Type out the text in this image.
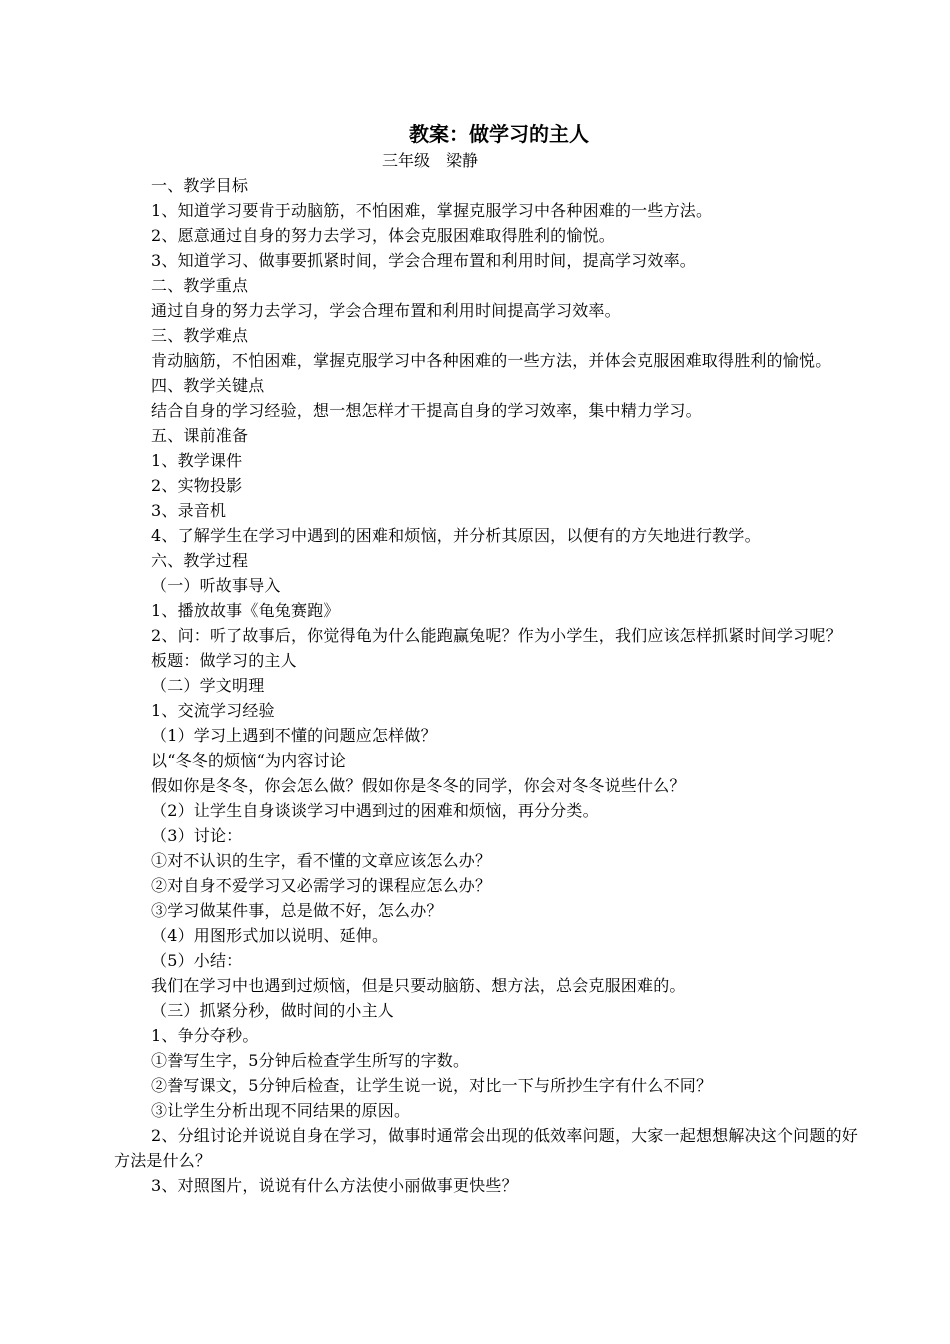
教案：做学习的主人

三年级　梁静

一、教学目标

1、知道学习要肯于动脑筋，不怕困难，掌握克服学习中各种困难的一些方法。

2、愿意通过自身的努力去学习，体会克服困难取得胜利的愉悦。

3、知道学习、做事要抓紧时间，学会合理布置和利用时间，提高学习效率。

二、教学重点

通过自身的努力去学习，学会合理布置和利用时间提高学习效率。

三、教学难点

肯动脑筋，不怕困难，掌握克服学习中各种困难的一些方法，并体会克服困难取得胜利的愉悦。

四、教学关键点

结合自身的学习经验，想一想怎样才干提高自身的学习效率，集中精力学习。

五、课前准备

1、教学课件

2、实物投影

3、录音机

4、了解学生在学习中遇到的困难和烦恼，并分析其原因，以便有的方矢地进行教学。

六、教学过程

（一）听故事导入

1、播放故事《龟兔赛跑》

2、问：听了故事后，你觉得龟为什么能跑赢兔呢？作为小学生，我们应该怎样抓紧时间学习呢？

板题：做学习的主人

（二）学文明理

1、交流学习经验

（1）学习上遇到不懂的问题应怎样做？

以“冬冬的烦恼“为内容讨论

假如你是冬冬，你会怎么做？假如你是冬冬的同学，你会对冬冬说些什么？

（2）让学生自身谈谈学习中遇到过的困难和烦恼，再分分类。

（3）讨论：

①对不认识的生字，看不懂的文章应该怎么办？

②对自身不爱学习又必需学习的课程应怎么办？

③学习做某件事，总是做不好，怎么办？

（4）用图形式加以说明、延伸。

（5）小结：

我们在学习中也遇到过烦恼，但是只要动脑筋、想方法，总会克服困难的。

（三）抓紧分秒，做时间的小主人

1、争分夺秒。

①誊写生字，5分钟后检查学生所写的字数。

②誊写课文，5分钟后检查，让学生说一说，对比一下与所抄生字有什么不同？

③让学生分析出现不同结果的原因。

2、分组讨论并说说自身在学习，做事时通常会出现的低效率问题，大家一起想想解决这个问题的好方法是什么？

3、对照图片，说说有什么方法使小丽做事更快些？
